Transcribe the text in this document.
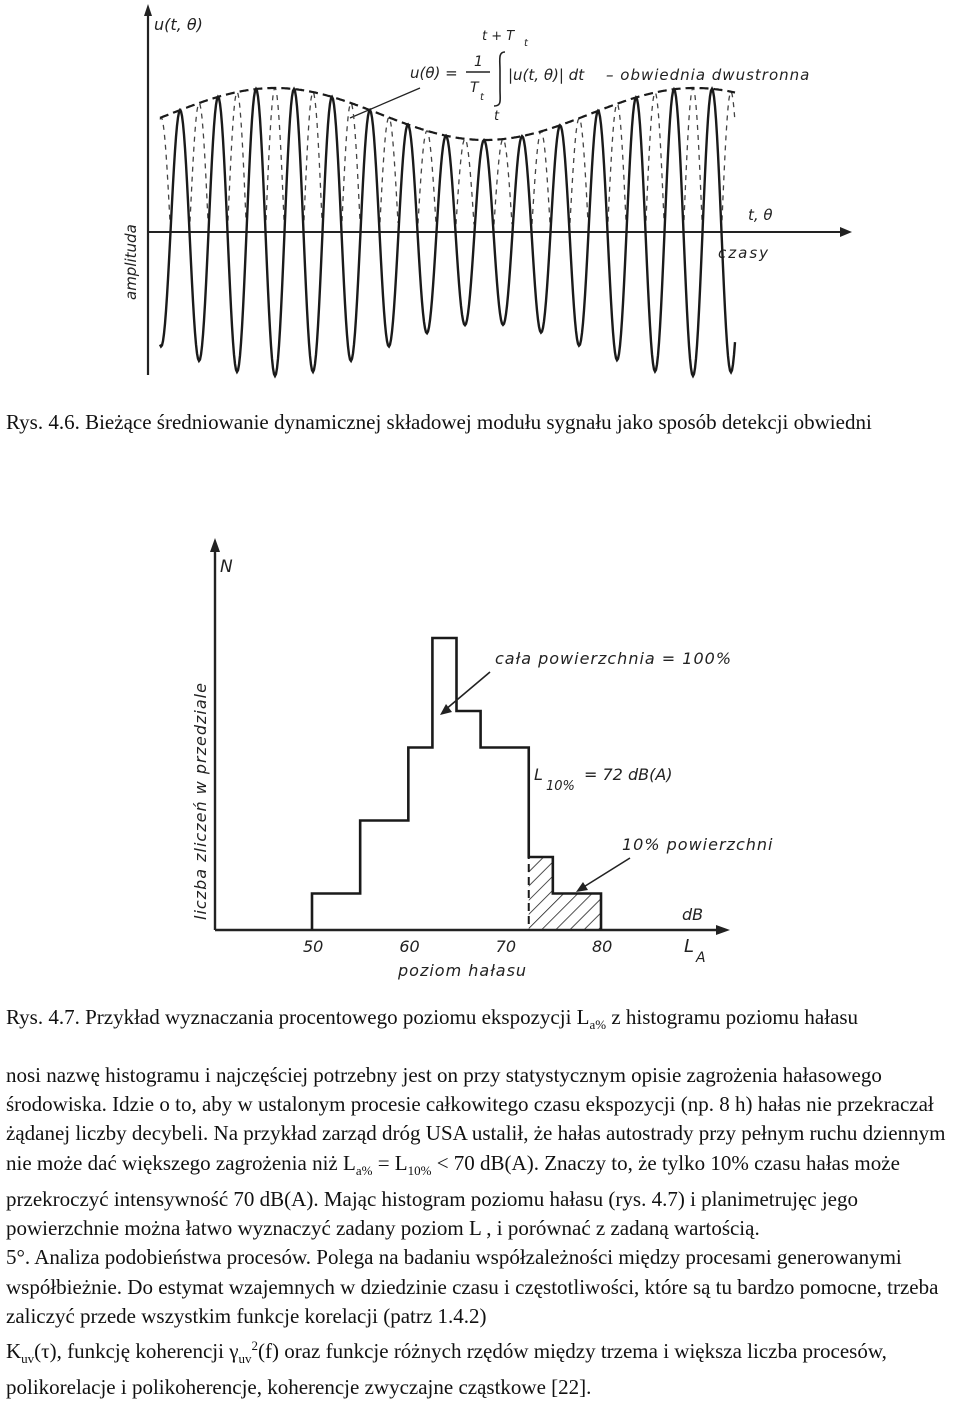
u(t, θ)
amplituda
t, θ
czasy
u(θ) =
1
T
t
t + T t
t
|u(t, θ)| dt – obwiednia dwustronna
Rys. 4.6. Bieżące średniowanie dynamicznej składowej modułu sygnału jako sposób detekcji obwiedni
N
liczba zliczeń w przedziale
50	60	70	80
dB
L
A
poziom hałasu
cała powierzchnia = 100%
L
10%
= 72 dB(A)
10% powierzchni
Rys. 4.7. Przykład wyznaczania procentowego poziomu ekspozycji $L_{a\%}$ z histogramu poziomu hałasu

nosi nazwę histogramu i najczęściej potrzebny jest on przy statystycznym opisie zagrożenia hałasowego środowiska. Idzie o to, aby w ustalonym procesie całkowitego czasu ekspozycji (np. 8 h) hałas nie przekraczał żądanej liczby decybeli. Na przykład zarząd dróg USA ustalił, że hałas autostrady przy pełnym ruchu dziennym nie może dać większego zagrożenia niż $L_{a\%} = L_{10\%} < 70$ dB(A). Znaczy to, że tylko 10% czasu hałas może przekroczyć intensywność 70 dB(A). Mając histogram poziomu hałasu (rys. 4.7) i planimetrujęc jego powierzchnie można łatwo wyznaczyć zadany poziom L , i porównać z zadaną wartością.

5°. Analiza podobieństwa procesów. Polega na badaniu współzależności między procesami generowanymi współbieżnie. Do estymat wzajemnych w dziedzinie czasu i częstotliwości, które są tu bardzo pomocne, trzeba zaliczyć przede wszystkim funkcje korelacji (patrz 1.4.2)
$K_{uv}(\tau)$, funkcję koherencji $\gamma_{uv}^2(f)$ oraz funkcje różnych rzędów między trzema i większa liczba procesów, polikorelacje i polikoherencje, koherencje zwyczajne cząstkowe [22].
